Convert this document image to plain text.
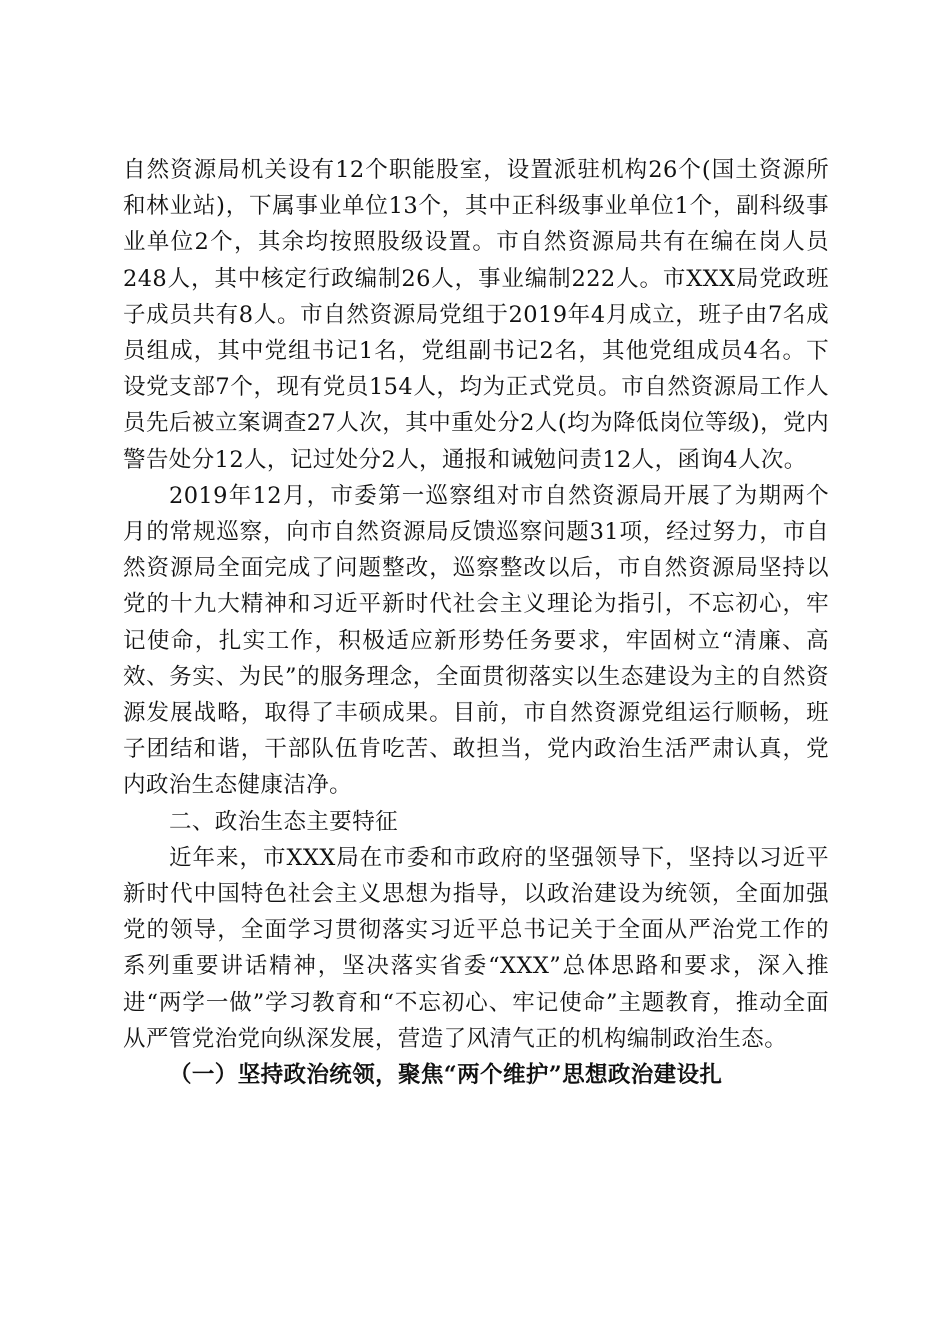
自然资源局机关设有12个职能股室，设置派驻机构26个(国土资源所和林业站)，下属事业单位13个，其中正科级事业单位1个，副科级事业单位2个，其余均按照股级设置。市自然资源局共有在编在岗人员248人，其中核定行政编制26人，事业编制222人。市XXX局党政班子成员共有8人。市自然资源局党组于2019年4月成立，班子由7名成员组成，其中党组书记1名，党组副书记2名，其他党组成员4名。下设党支部7个，现有党员154人，均为正式党员。市自然资源局工作人员先后被立案调查27人次，其中重处分2人(均为降低岗位等级)，党内警告处分12人，记过处分2人，通报和诫勉问责12人，函询4人次。

2019年12月，市委第一巡察组对市自然资源局开展了为期两个月的常规巡察，向市自然资源局反馈巡察问题31项，经过努力，市自然资源局全面完成了问题整改，巡察整改以后，市自然资源局坚持以党的十九大精神和习近平新时代社会主义理论为指引，不忘初心，牢记使命，扎实工作，积极适应新形势任务要求，牢固树立“清廉、高效、务实、为民”的服务理念，全面贯彻落实以生态建设为主的自然资源发展战略，取得了丰硕成果。目前，市自然资源党组运行顺畅，班子团结和谐，干部队伍肯吃苦、敢担当，党内政治生活严肃认真，党内政治生态健康洁净。

二、政治生态主要特征

近年来，市XXX局在市委和市政府的坚强领导下，坚持以习近平新时代中国特色社会主义思想为指导，以政治建设为统领，全面加强党的领导，全面学习贯彻落实习近平总书记关于全面从严治党工作的系列重要讲话精神，坚决落实省委“XXX”总体思路和要求，深入推进“两学一做”学习教育和“不忘初心、牢记使命”主题教育，推动全面从严管党治党向纵深发展，营造了风清气正的机构编制政治生态。

（一）坚持政治统领，聚焦“两个维护”思想政治建设扎
